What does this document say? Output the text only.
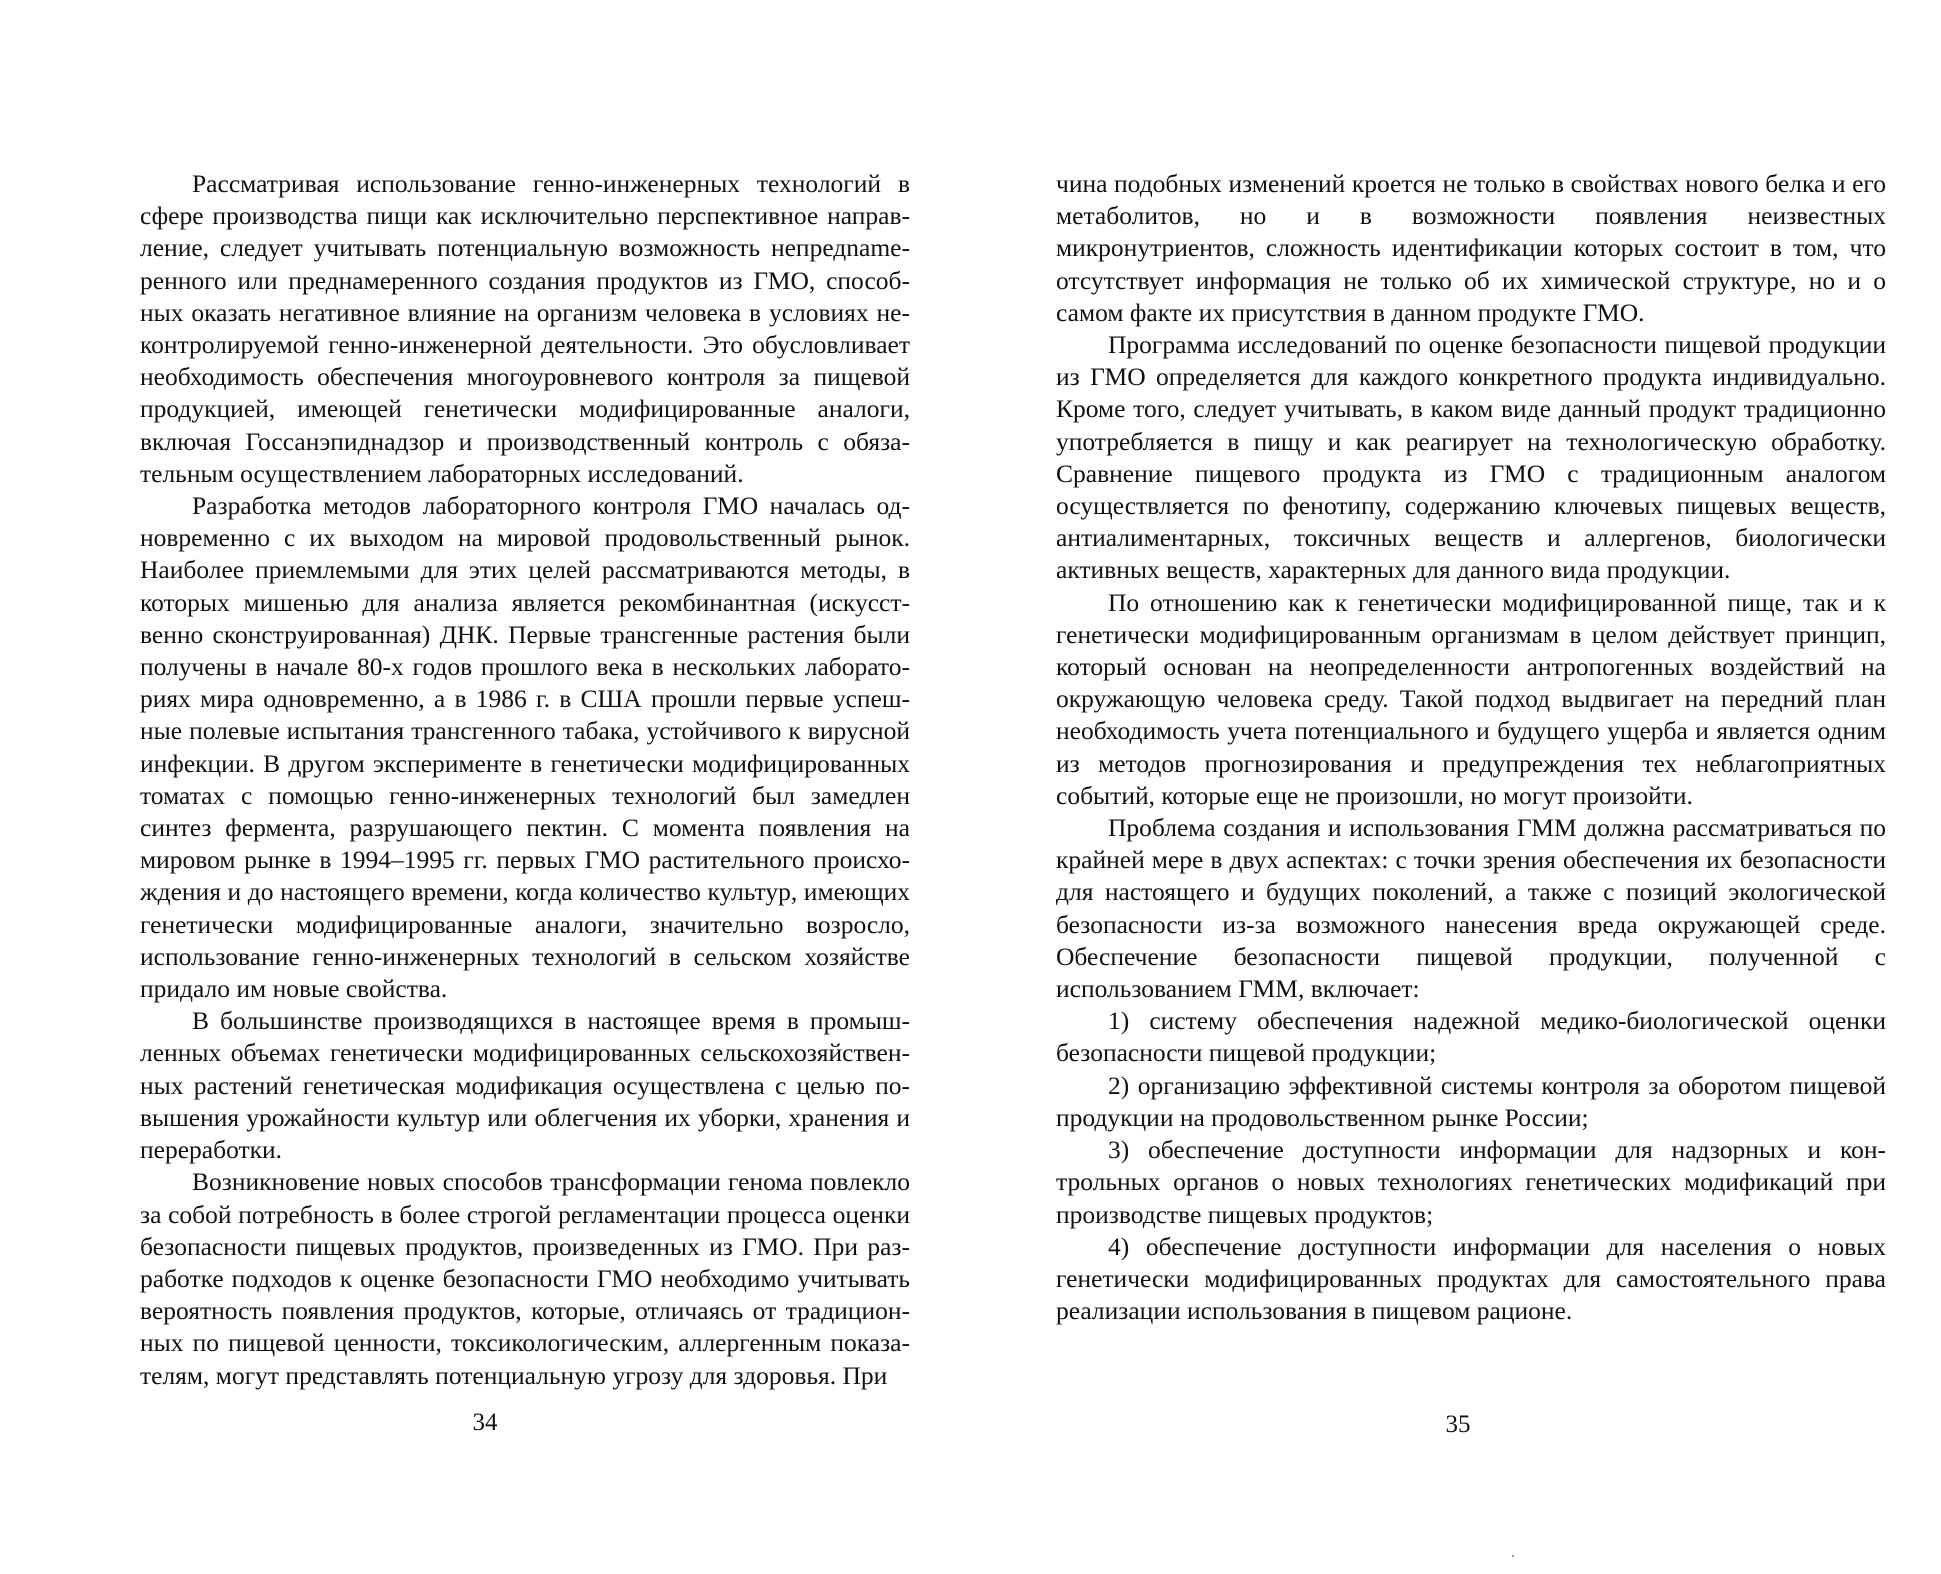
Рассматривая использование генно-инженерных технологий в сфере производства пищи как исключительно перспективное направление, следует учитывать потенциальную возможность непредnameренного или преднамеренного создания продуктов из ГМО, способных оказать негативное влияние на организм человека в условиях неконтролируемой генно-инженерной деятельности. Это обусловливает необходимость обеспечения многоуровневого контроля за пищевой продукцией, имеющей генетически модифицированные аналоги, включая Госсанэпиднадзор и производственный контроль с обязательным осуществлением лабораторных исследований.

Разработка методов лабораторного контроля ГМО началась одновременно с их выходом на мировой продовольственный рынок. Наиболее приемлемыми для этих целей рассматриваются методы, в которых мишенью для анализа является рекомбинантная (искусственно сконструированная) ДНК. Первые трансгенные растения были получены в начале 80-х годов прошлого века в нескольких лабораториях мира одновременно, а в 1986 г. в США прошли первые успешные полевые испытания трансгенного табака, устойчивого к вирусной инфекции. В другом эксперименте в генетически модифицированных томатах с помощью генно-инженерных технологий был замедлен синтез фермента, разрушающего пектин. С момента появления на мировом рынке в 1994–1995 гг. первых ГМО растительного происхождения и до настоящего времени, когда количество культур, имеющих генетически модифицированные аналоги, значительно возросло, использование генно-инженерных технологий в сельском хозяйстве придало им новые свойства.

В большинстве производящихся в настоящее время в промышленных объемах генетически модифицированных сельскохозяйственных растений генетическая модификация осуществлена с целью повышения урожайности культур или облегчения их уборки, хранения и переработки.

Возникновение новых способов трансформации генома повлекло за собой потребность в более строгой регламентации процесса оценки безопасности пищевых продуктов, произведенных из ГМО. При разработке подходов к оценке безопасности ГМО необходимо учитывать вероятность появления продуктов, которые, отличаясь от традиционных по пищевой ценности, токсикологическим, аллергенным показателям, могут представлять потенциальную угрозу для здоровья. При

34

чина подобных изменений кроется не только в свойствах нового белка и его метаболитов, но и в возможности появления неизвестных микронутриентов, сложность идентификации которых состоит в том, что отсутствует информация не только об их химической структуре, но и о самом факте их присутствия в данном продукте ГМО.

Программа исследований по оценке безопасности пищевой продукции из ГМО определяется для каждого конкретного продукта индивидуально. Кроме того, следует учитывать, в каком виде данный продукт традиционно употребляется в пищу и как реагирует на технологическую обработку. Сравнение пищевого продукта из ГМО с традиционным аналогом осуществляется по фенотипу, содержанию ключевых пищевых веществ, антиалиментарных, токсичных веществ и аллергенов, биологически активных веществ, характерных для данного вида продукции.

По отношению как к генетически модифицированной пище, так и к генетически модифицированным организмам в целом действует принцип, который основан на неопределенности антропогенных воздействий на окружающую человека среду. Такой подход выдвигает на передний план необходимость учета потенциального и будущего ущерба и является одним из методов прогнозирования и предупреждения тех неблагоприятных событий, которые еще не произошли, но могут произойти.

Проблема создания и использования ГММ должна рассматриваться по крайней мере в двух аспектах: с точки зрения обеспечения их безопасности для настоящего и будущих поколений, а также с позиций экологической безопасности из-за возможного нанесения вреда окружающей среде. Обеспечение безопасности пищевой продукции, полученной с использованием ГММ, включает:

1) систему обеспечения надежной медико-биологической оценки безопасности пищевой продукции;

2) организацию эффективной системы контроля за оборотом пищевой продукции на продовольственном рынке России;

3) обеспечение доступности информации для надзорных и контрольных органов о новых технологиях генетических модификаций при производстве пищевых продуктов;

4) обеспечение доступности информации для населения о новых генетически модифицированных продуктах для самостоятельного права реализации использования в пищевом рационе.

35
